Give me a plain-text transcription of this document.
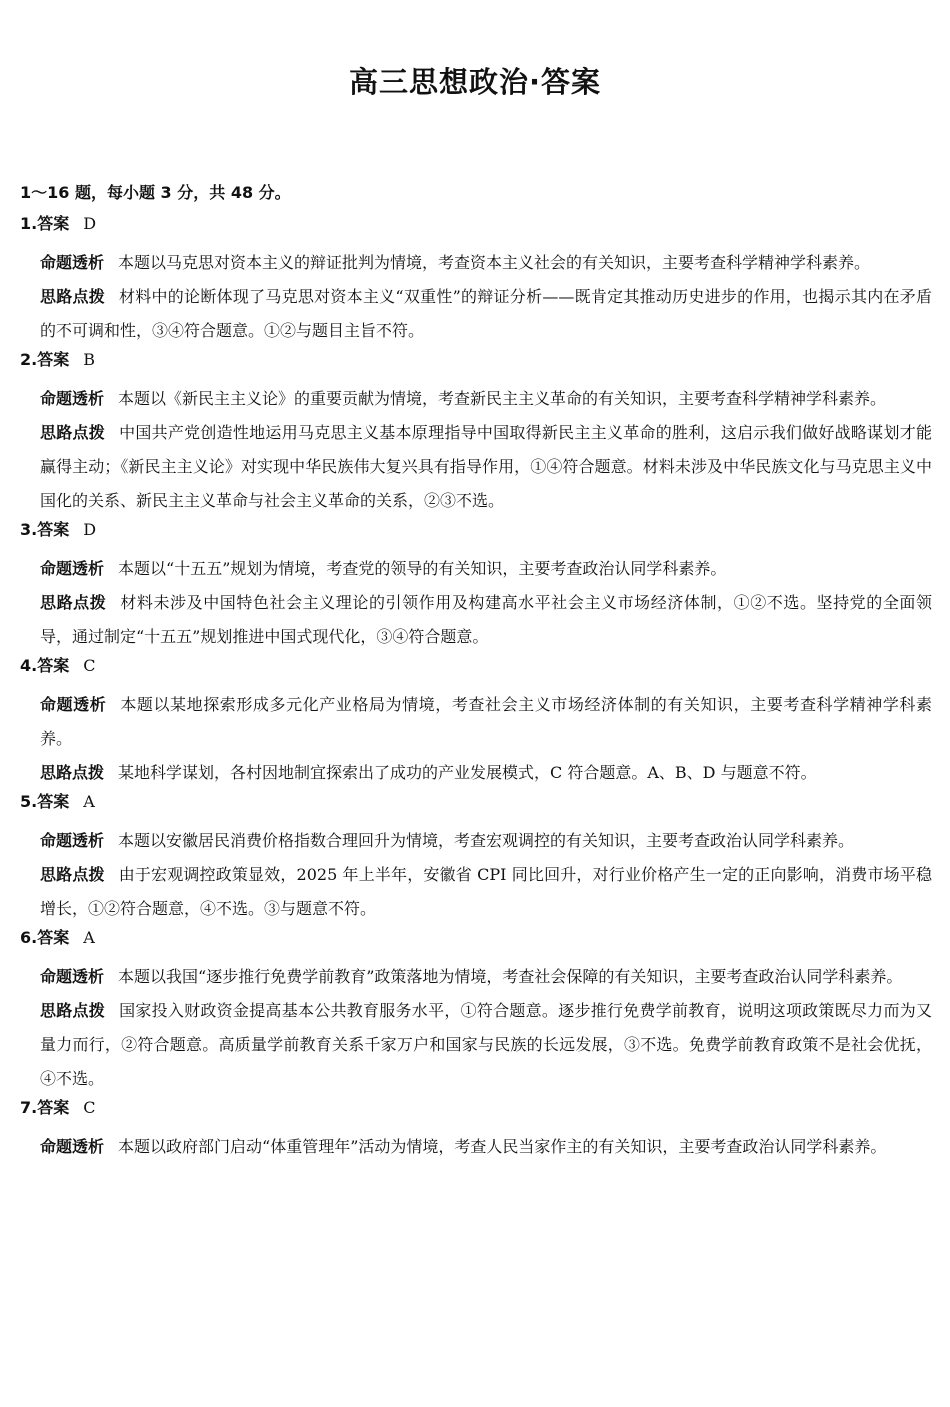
高三思想政治·答案
1～16 题，每小题 3 分，共 48 分。
1.答案 D
命题透析 本题以马克思对资本主义的辩证批判为情境，考查资本主义社会的有关知识，主要考查科学精神学科素养。
思路点拨 材料中的论断体现了马克思对资本主义“双重性”的辩证分析——既肯定其推动历史进步的作用，也揭示其内在矛盾的不可调和性，③④符合题意。①②与题目主旨不符。
2.答案 B
命题透析 本题以《新民主主义论》的重要贡献为情境，考查新民主主义革命的有关知识，主要考查科学精神学科素养。
思路点拨 中国共产党创造性地运用马克思主义基本原理指导中国取得新民主主义革命的胜利，这启示我们做好战略谋划才能赢得主动；《新民主主义论》对实现中华民族伟大复兴具有指导作用，①④符合题意。材料未涉及中华民族文化与马克思主义中国化的关系、新民主主义革命与社会主义革命的关系，②③不选。
3.答案 D
命题透析 本题以“十五五”规划为情境，考查党的领导的有关知识，主要考查政治认同学科素养。
思路点拨 材料未涉及中国特色社会主义理论的引领作用及构建高水平社会主义市场经济体制，①②不选。坚持党的全面领导，通过制定“十五五”规划推进中国式现代化，③④符合题意。
4.答案 C
命题透析 本题以某地探索形成多元化产业格局为情境，考查社会主义市场经济体制的有关知识，主要考查科学精神学科素养。
思路点拨 某地科学谋划，各村因地制宜探索出了成功的产业发展模式，C 符合题意。A、B、D 与题意不符。
5.答案 A
命题透析 本题以安徽居民消费价格指数合理回升为情境，考查宏观调控的有关知识，主要考查政治认同学科素养。
思路点拨 由于宏观调控政策显效，2025 年上半年，安徽省 CPI 同比回升，对行业价格产生一定的正向影响，消费市场平稳增长，①②符合题意，④不选。③与题意不符。
6.答案 A
命题透析 本题以我国“逐步推行免费学前教育”政策落地为情境，考查社会保障的有关知识，主要考查政治认同学科素养。
思路点拨 国家投入财政资金提高基本公共教育服务水平，①符合题意。逐步推行免费学前教育，说明这项政策既尽力而为又量力而行，②符合题意。高质量学前教育关系千家万户和国家与民族的长远发展，③不选。免费学前教育政策不是社会优抚，④不选。
7.答案 C
命题透析 本题以政府部门启动“体重管理年”活动为情境，考查人民当家作主的有关知识，主要考查政治认同学科素养。
